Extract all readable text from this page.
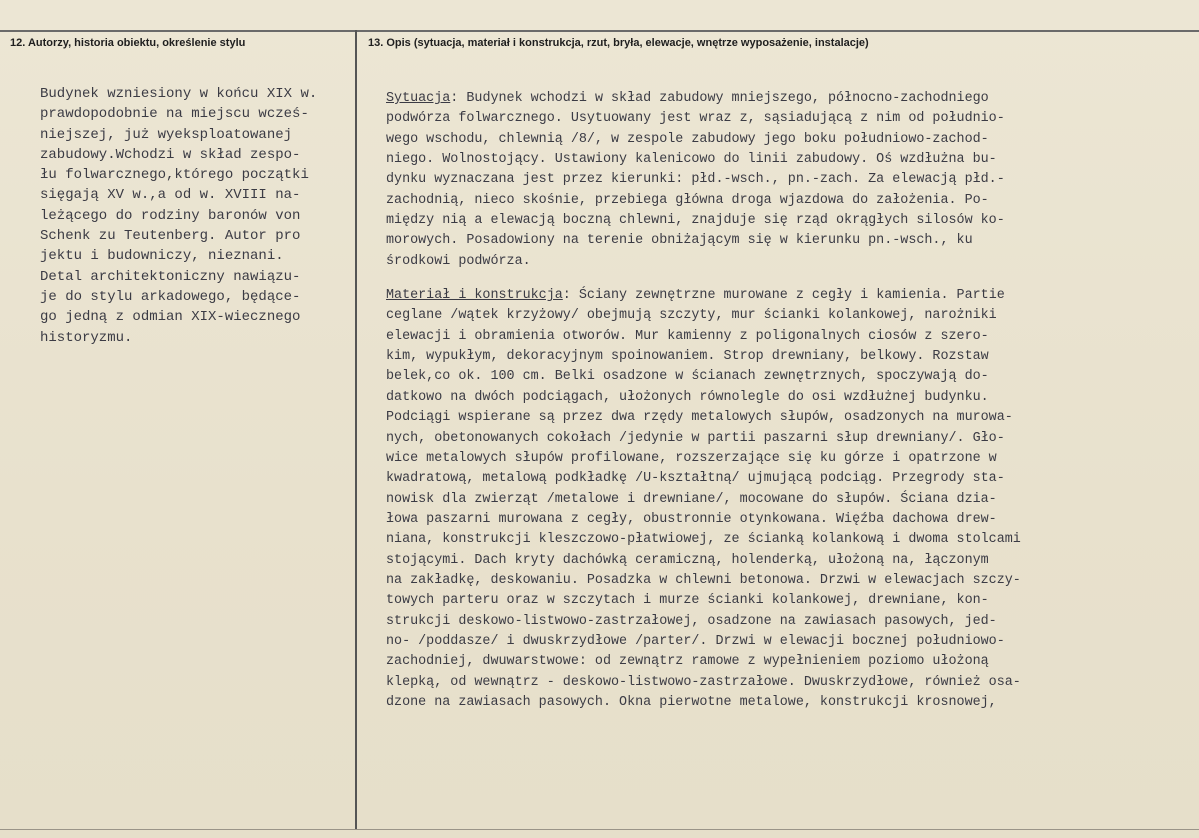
12. Autorzy, historia obiektu, określenie stylu	13. Opis (sytuacja, materiał i konstrukcja, rzut, bryła, elewacje, wnętrze wyposażenie, instalacje)
Budynek wzniesiony w końcu XIX w.
prawdopodobnie na miejscu wcześ-
niejszej, już wyeksploatowanej
zabudowy.Wchodzi w skład zespo-
łu folwarcznego,którego początki
sięgają XV w.,a od w. XVIII na-
leżącego do rodziny baronów von
Schenk zu Teutenberg. Autor pro
jektu i budowniczy, nieznani.
Detal architektoniczny nawiązu-
je do stylu arkadowego, będące-
go jedną z odmian XIX-wiecznego
historyzmu.
Sytuacja: Budynek wchodzi w skład zabudowy mniejszego, północno-zachodniego
podwórza folwarcznego. Usytuowany jest wraz z, sąsiadującą z nim od południo-
wego wschodu, chlewnią /8/, w zespole zabudowy jego boku południowo-zachod-
niego. Wolnostojący. Ustawiony kalenicowo do linii zabudowy. Oś wzdłużna bu-
dynku wyznaczana jest przez kierunki: płd.-wsch., pn.-zach. Za elewacją płd.-
zachodnią, nieco skośnie, przebiega główna droga wjazdowa do założenia. Po-
między nią a elewacją boczną chlewni, znajduje się rząd okrągłych silosów ko-
morowych. Posadowiony na terenie obniżającym się w kierunku pn.-wsch., ku
środkowi podwórza.
Materiał i konstrukcja: Ściany zewnętrzne murowane z cegły i kamienia. Partie
ceglane /wątek krzyżowy/ obejmują szczyty, mur ścianki kolankowej, narożniki
elewacji i obramienia otworów. Mur kamienny z poligonalnych ciosów z szero-
kim, wypukłym, dekoracyjnym spoinowaniem. Strop drewniany, belkowy. Rozstaw
belek,co ok. 100 cm. Belki osadzone w ścianach zewnętrznych, spoczywają do-
datkowo na dwóch podciągach, ułożonych równolegle do osi wzdłużnej budynku.
Podciągi wspierane są przez dwa rzędy metalowych słupów, osadzonych na murowa-
nych, obetonowanych cokołach /jedynie w partii paszarni słup drewniany/. Gło-
wice metalowych słupów profilowane, rozszerzające się ku górze i opatrzone w
kwadratową, metalową podkładkę /U-kształtną/ ujmującą podciąg. Przegrody sta-
nowisk dla zwierząt /metalowe i drewniane/, mocowane do słupów. Ściana dzia-
łowa paszarni murowana z cegły, obustronnie otynkowana. Więźba dachowa drew-
niana, konstrukcji kleszczowo-płatwiowej, ze ścianką kolankową i dwoma stolcami
stojącymi. Dach kryty dachówką ceramiczną, holenderką, ułożoną na, łączonym
na zakładkę, deskowaniu. Posadzka w chlewni betonowa. Drzwi w elewacjach szczy-
towych parteru oraz w szczytach i murze ścianki kolankowej, drewniane, kon-
strukcji deskowo-listwowo-zastrzałowej, osadzone na zawiasach pasowych, jed-
no- /poddasze/ i dwuskrzydłowe /parter/. Drzwi w elewacji bocznej południowo-
zachodniej, dwuwarstwowe: od zewnątrz ramowe z wypełnieniem poziomo ułożoną
klepką, od wewnątrz - deskowo-listwowo-zastrzałowe. Dwuskrzydłowe, również osa-
dzone na zawiasach pasowych. Okna pierwotne metalowe, konstrukcji krosnowej,
